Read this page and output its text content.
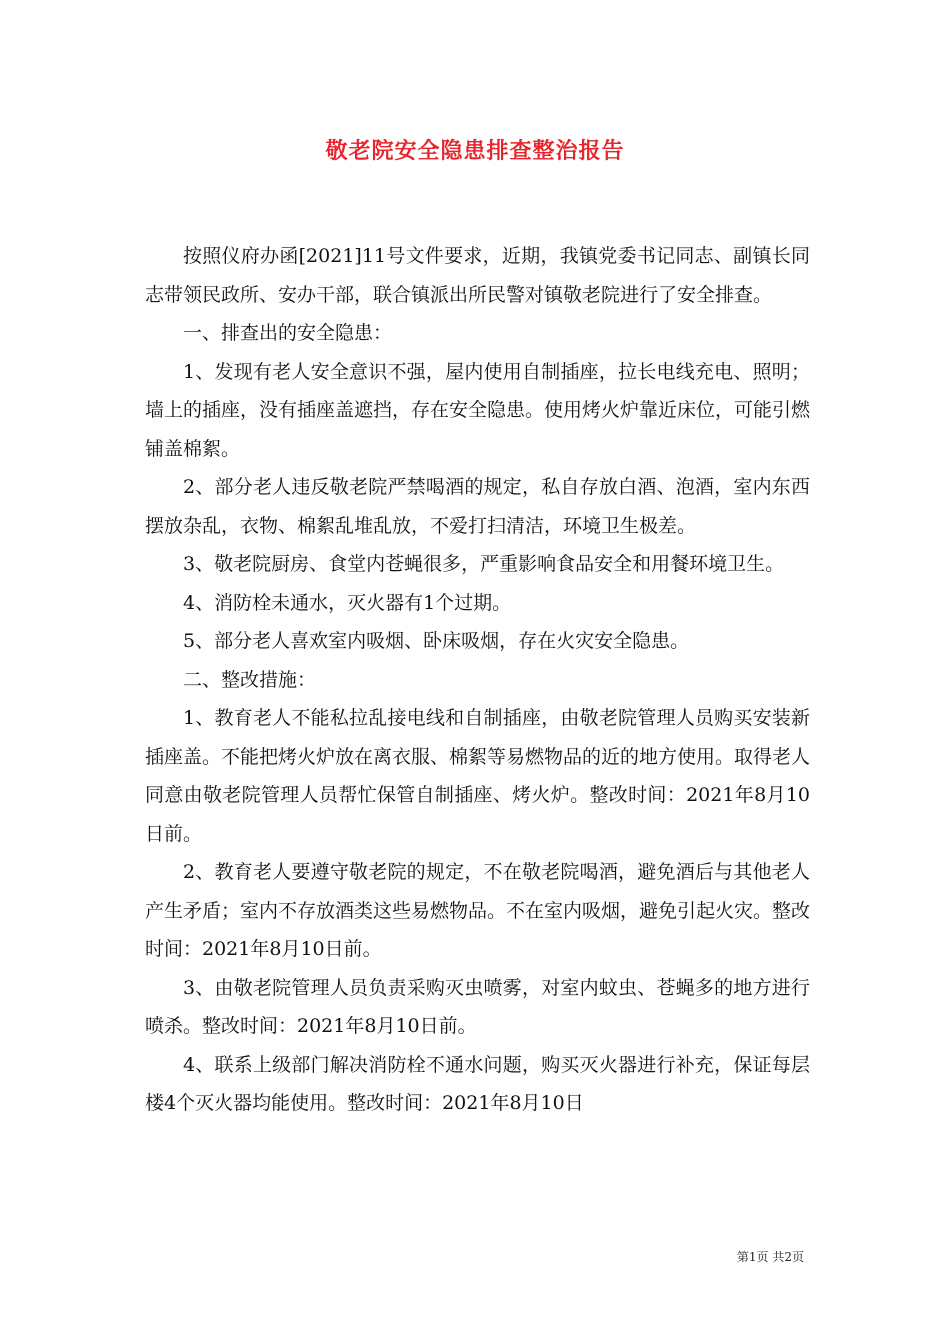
敬老院安全隐患排查整治报告

按照仪府办函[2021]11号文件要求，近期，我镇党委书记同志、副镇长同志带领民政所、安办干部，联合镇派出所民警对镇敬老院进行了安全排查。

一、排查出的安全隐患：

1、发现有老人安全意识不强，屋内使用自制插座，拉长电线充电、照明；墙上的插座，没有插座盖遮挡，存在安全隐患。使用烤火炉靠近床位，可能引燃铺盖棉絮。

2、部分老人违反敬老院严禁喝酒的规定，私自存放白酒、泡酒，室内东西摆放杂乱，衣物、棉絮乱堆乱放，不爱打扫清洁，环境卫生极差。

3、敬老院厨房、食堂内苍蝇很多，严重影响食品安全和用餐环境卫生。

4、消防栓未通水，灭火器有1个过期。

5、部分老人喜欢室内吸烟、卧床吸烟，存在火灾安全隐患。

二、整改措施：

1、教育老人不能私拉乱接电线和自制插座，由敬老院管理人员购买安装新插座盖。不能把烤火炉放在离衣服、棉絮等易燃物品的近的地方使用。取得老人同意由敬老院管理人员帮忙保管自制插座、烤火炉。整改时间：2021年8月10日前。

2、教育老人要遵守敬老院的规定，不在敬老院喝酒，避免酒后与其他老人产生矛盾；室内不存放酒类这些易燃物品。不在室内吸烟，避免引起火灾。整改时间：2021年8月10日前。

3、由敬老院管理人员负责采购灭虫喷雾，对室内蚊虫、苍蝇多的地方进行喷杀。整改时间：2021年8月10日前。

4、联系上级部门解决消防栓不通水问题，购买灭火器进行补充，保证每层楼4个灭火器均能使用。整改时间：2021年8月10日

第1页 共2页
